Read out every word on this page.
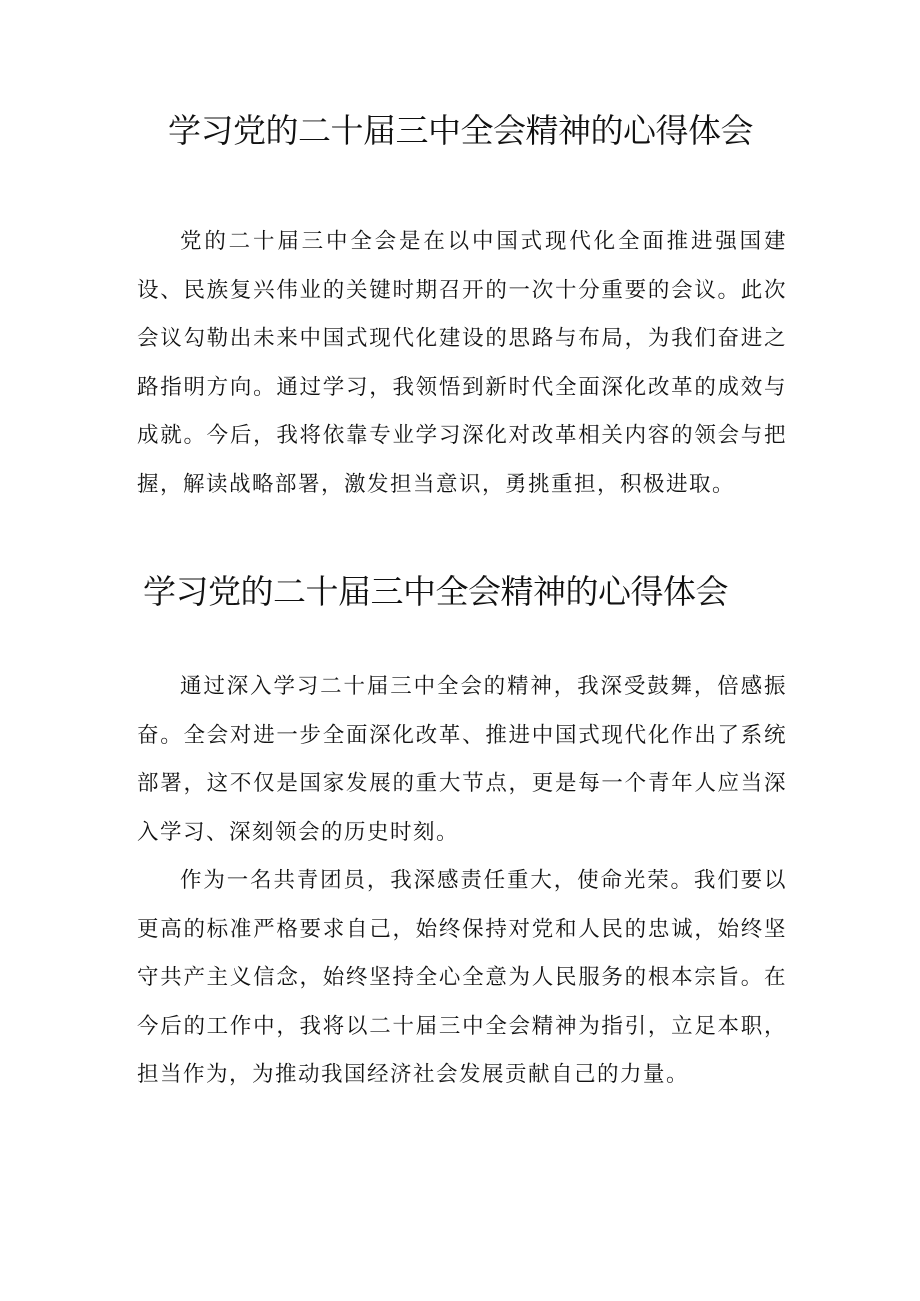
学习党的二十届三中全会精神的心得体会

党的二十届三中全会是在以中国式现代化全面推进强国建设、民族复兴伟业的关键时期召开的一次十分重要的会议。此次会议勾勒出未来中国式现代化建设的思路与布局，为我们奋进之路指明方向。通过学习，我领悟到新时代全面深化改革的成效与成就。今后，我将依靠专业学习深化对改革相关内容的领会与把握，解读战略部署，激发担当意识，勇挑重担，积极进取。

学习党的二十届三中全会精神的心得体会

通过深入学习二十届三中全会的精神，我深受鼓舞，倍感振奋。全会对进一步全面深化改革、推进中国式现代化作出了系统部署，这不仅是国家发展的重大节点，更是每一个青年人应当深入学习、深刻领会的历史时刻。

作为一名共青团员，我深感责任重大，使命光荣。我们要以更高的标准严格要求自己，始终保持对党和人民的忠诚，始终坚守共产主义信念，始终坚持全心全意为人民服务的根本宗旨。在今后的工作中，我将以二十届三中全会精神为指引，立足本职，担当作为，为推动我国经济社会发展贡献自己的力量。
